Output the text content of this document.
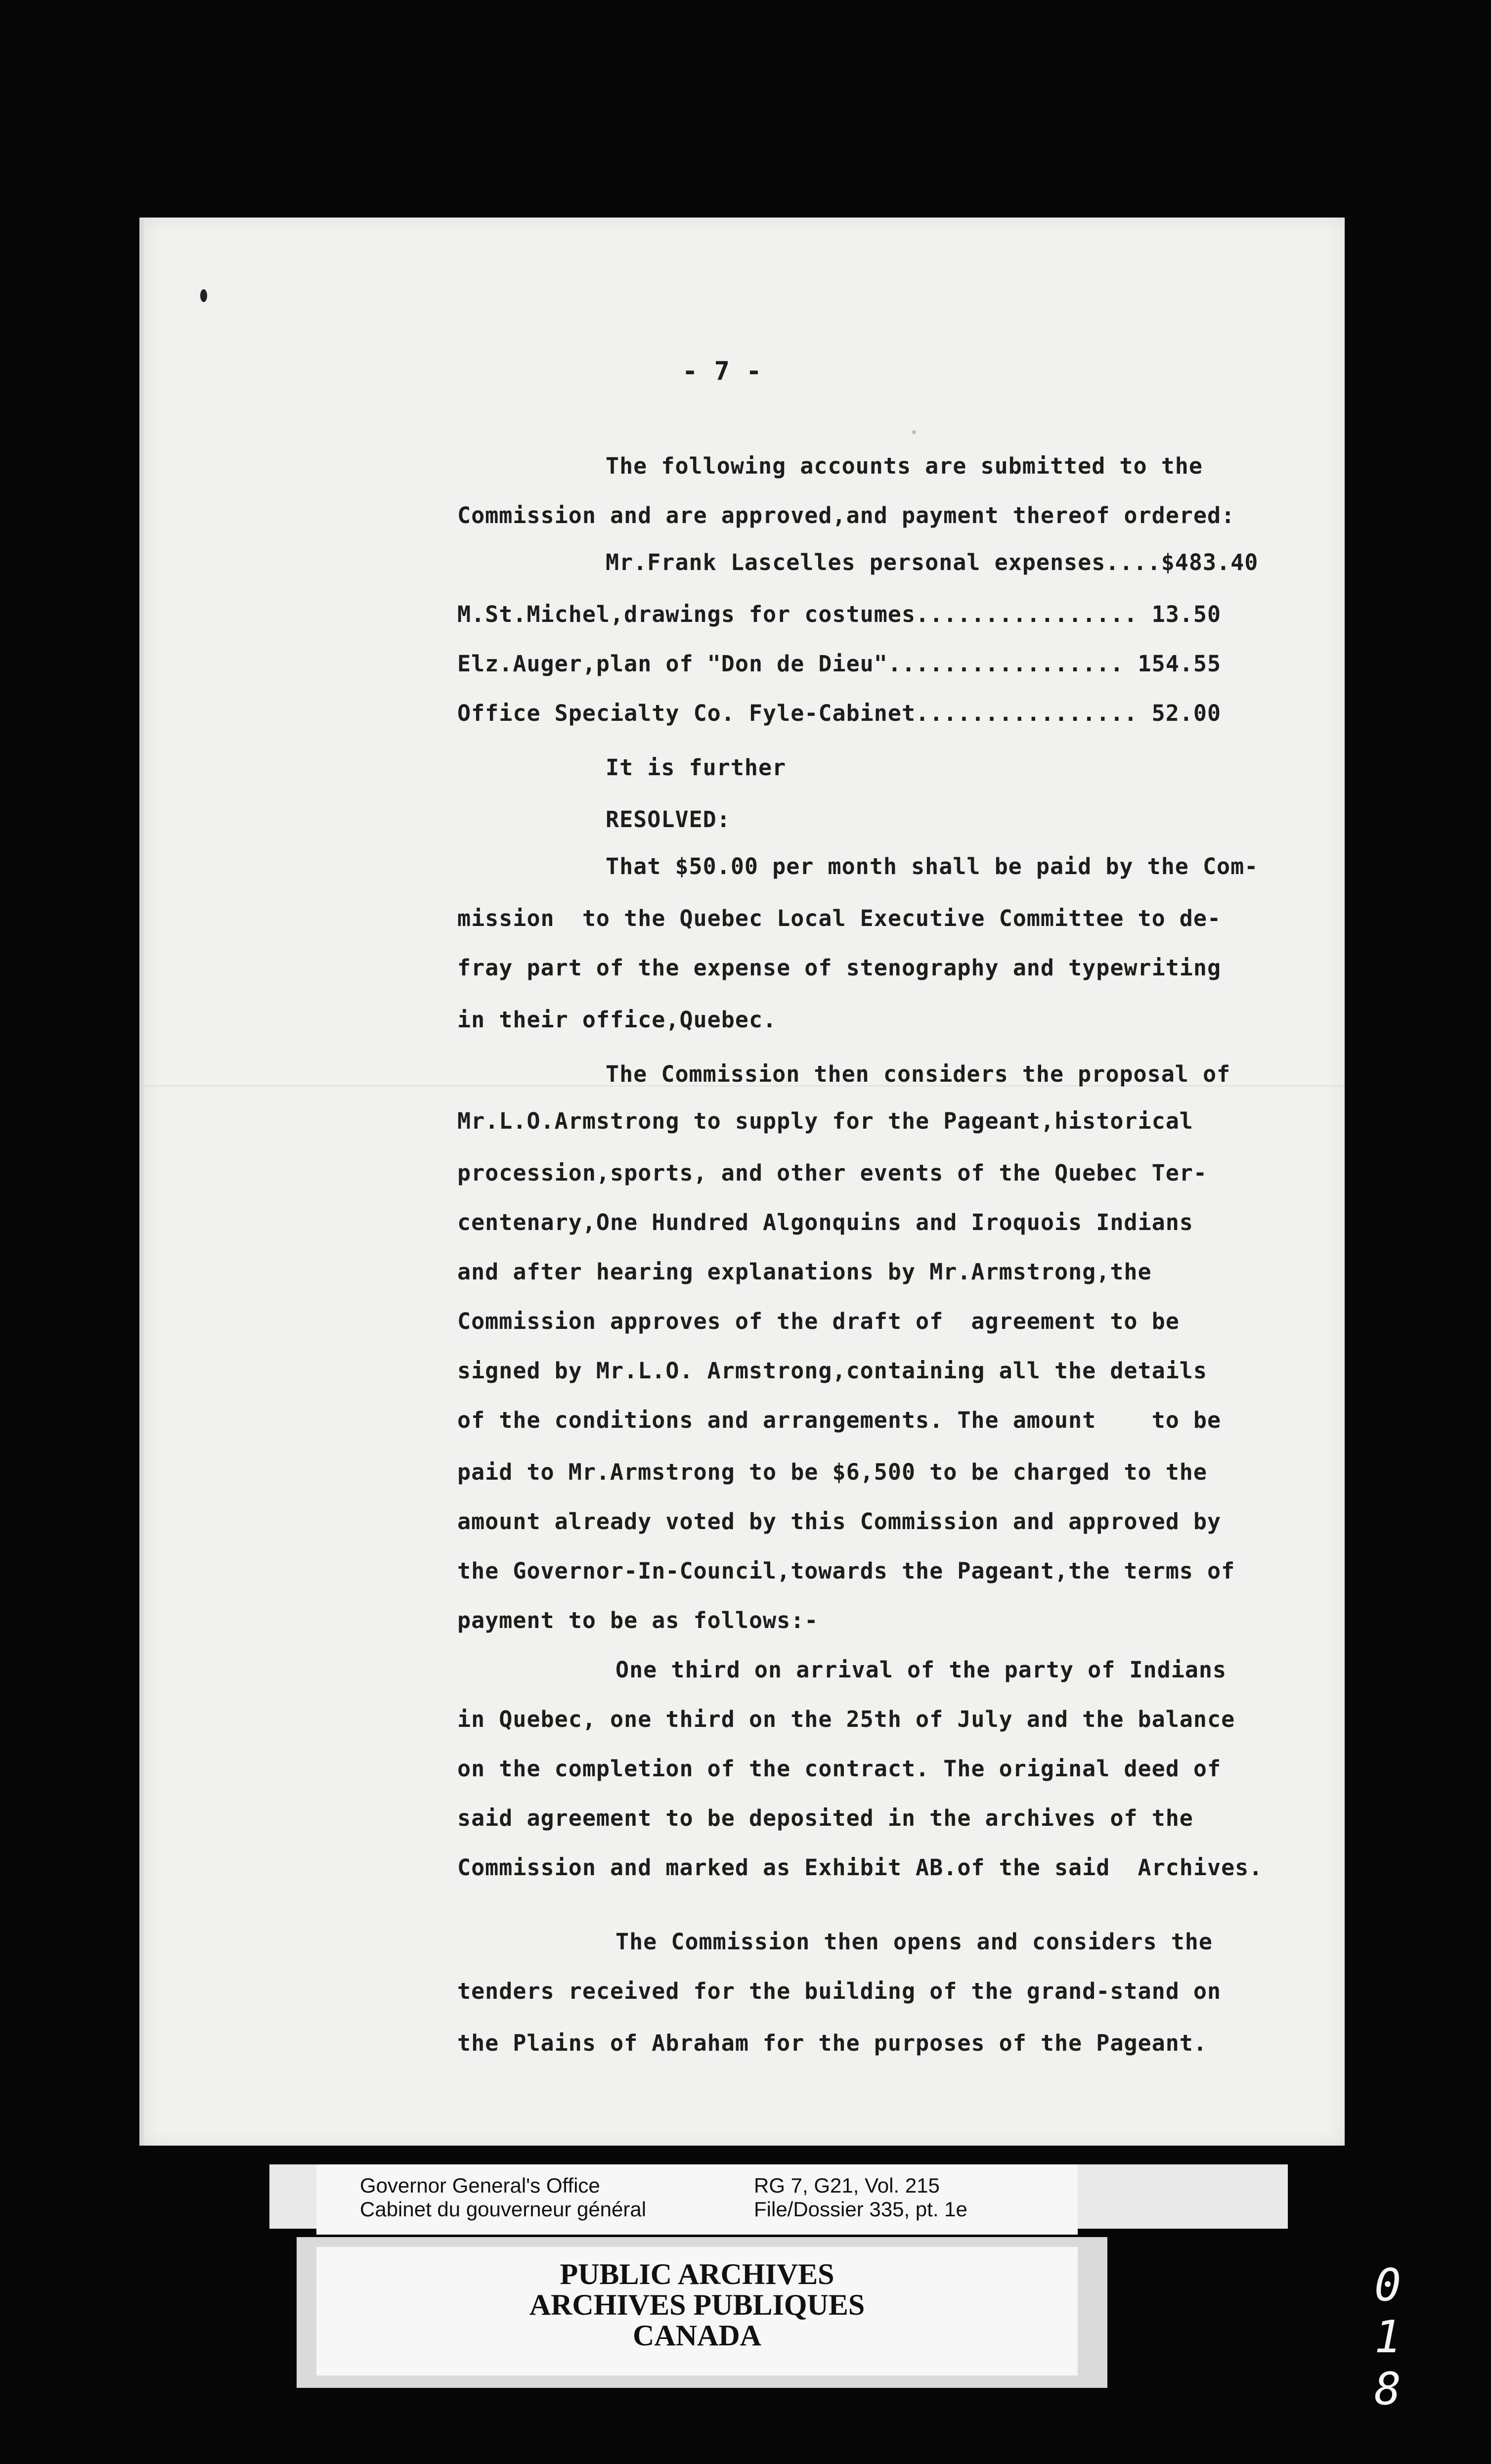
- 7 -
The following accounts are submitted to the
Commission and are approved,and payment thereof ordered:
Mr.Frank Lascelles personal expenses....$483.40
M.St.Michel,drawings for costumes................ 13.50
Elz.Auger,plan of "Don de Dieu"................. 154.55
Office Specialty Co. Fyle-Cabinet................ 52.00
It is further
RESOLVED:
That $50.00 per month shall be paid by the Com-
mission  to the Quebec Local Executive Committee to de-
fray part of the expense of stenography and typewriting
in their office,Quebec.
The Commission then considers the proposal of
Mr.L.O.Armstrong to supply for the Pageant,historical
procession,sports, and other events of the Quebec Ter-
centenary,One Hundred Algonquins and Iroquois Indians
and after hearing explanations by Mr.Armstrong,the
Commission approves of the draft of  agreement to be
signed by Mr.L.O. Armstrong,containing all the details
of the conditions and arrangements. The amount    to be
paid to Mr.Armstrong to be $6,500 to be charged to the
amount already voted by this Commission and approved by
the Governor-In-Council,towards the Pageant,the terms of
payment to be as follows:-
One third on arrival of the party of Indians
in Quebec, one third on the 25th of July and the balance
on the completion of the contract. The original deed of
said agreement to be deposited in the archives of the
Commission and marked as Exhibit AB.of the said  Archives.
The Commission then opens and considers the
tenders received for the building of the grand-stand on
the Plains of Abraham for the purposes of the Pageant.
Governor General's Office
Cabinet du gouverneur général
RG 7, G21, Vol. 215
File/Dossier 335, pt. 1e
PUBLIC ARCHIVES
ARCHIVES PUBLIQUES
CANADA
0 1 8
